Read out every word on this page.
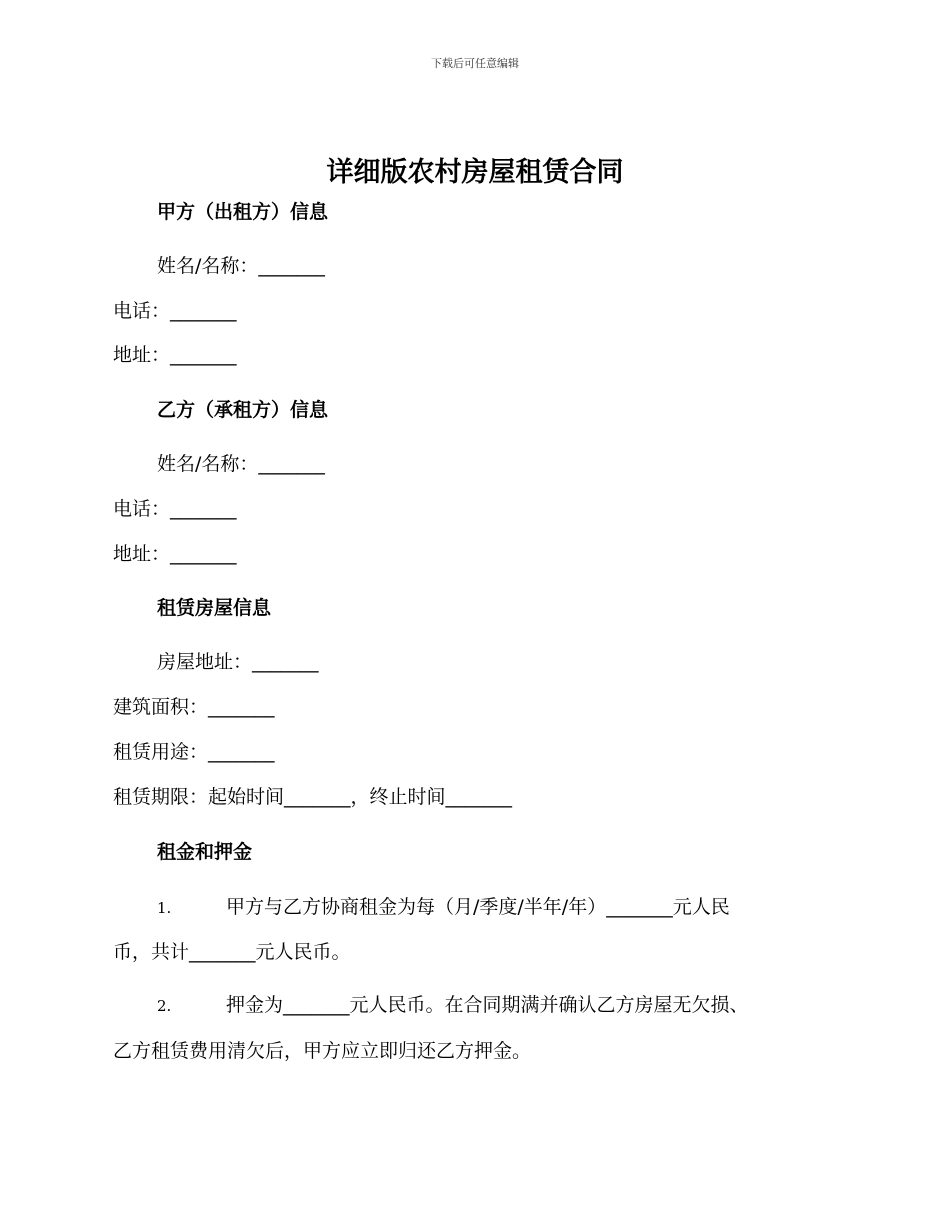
下载后可任意编辑
详细版农村房屋租赁合同
甲方（出租方）信息
姓名/名称：_______
电话：_______
地址：_______
乙方（承租方）信息
姓名/名称：_______
电话：_______
地址：_______
租赁房屋信息
房屋地址：_______
建筑面积：_______
租赁用途：_______
租赁期限：起始时间_______，终止时间_______
租金和押金
1.	甲方与乙方协商租金为每（月/季度/半年/年）_______元人民
币，共计_______元人民币。
2.	押金为_______元人民币。在合同期满并确认乙方房屋无欠损、
乙方租赁费用清欠后，甲方应立即归还乙方押金。
